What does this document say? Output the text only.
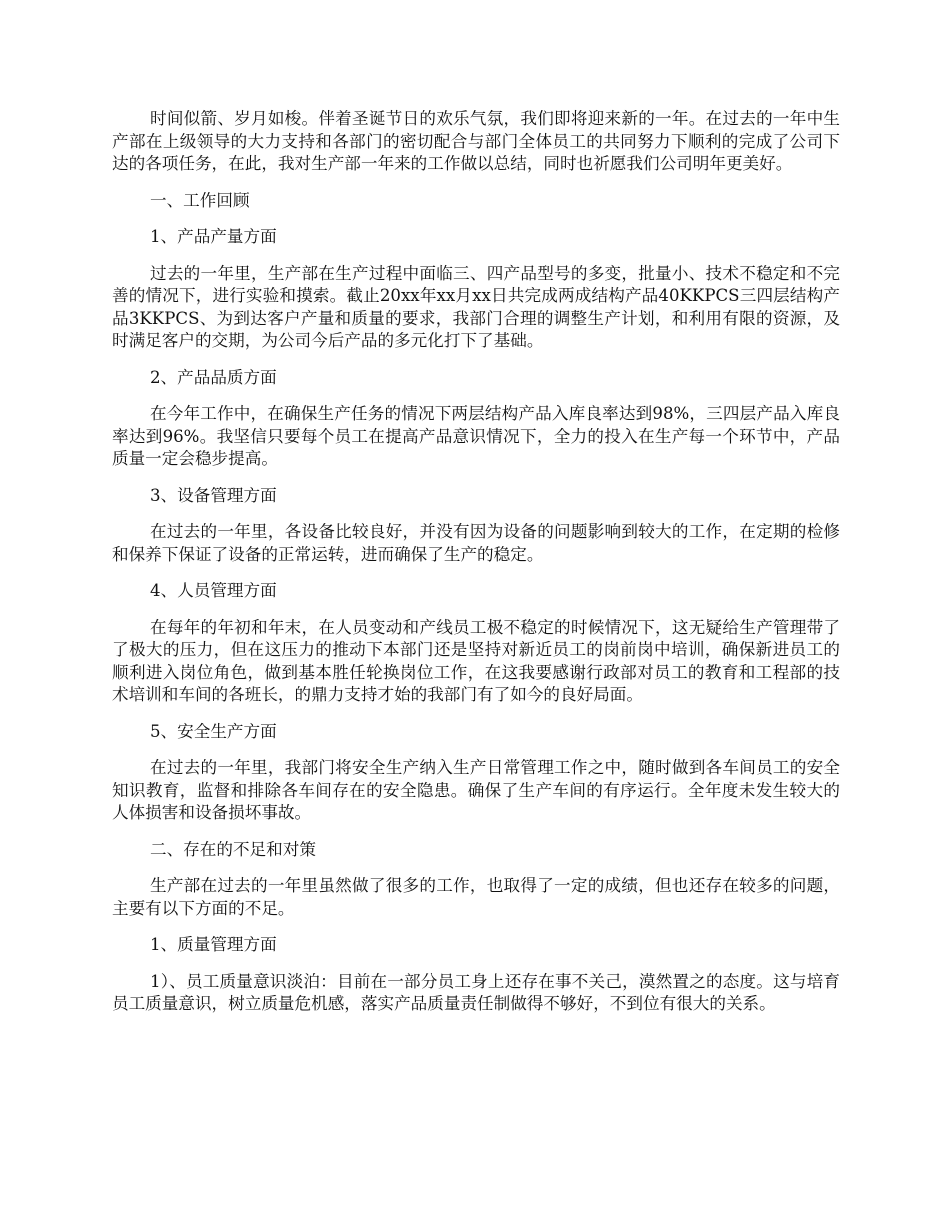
时间似箭、岁月如梭。伴着圣诞节日的欢乐气氛，我们即将迎来新的一年。在过去的一年中生产部在上级领导的大力支持和各部门的密切配合与部门全体员工的共同努力下顺利的完成了公司下达的各项任务，在此，我对生产部一年来的工作做以总结，同时也祈愿我们公司明年更美好。

一、工作回顾

1、产品产量方面

过去的一年里，生产部在生产过程中面临三、四产品型号的多变，批量小、技术不稳定和不完善的情况下，进行实验和摸索。截止20xx年xx月xx日共完成两成结构产品40KKPCS三四层结构产品3KKPCS、为到达客户产量和质量的要求，我部门合理的调整生产计划，和利用有限的资源，及时满足客户的交期，为公司今后产品的多元化打下了基础。

2、产品品质方面

在今年工作中，在确保生产任务的情况下两层结构产品入库良率达到98%，三四层产品入库良率达到96%。我坚信只要每个员工在提高产品意识情况下，全力的投入在生产每一个环节中，产品质量一定会稳步提高。

3、设备管理方面

在过去的一年里，各设备比较良好，并没有因为设备的问题影响到较大的工作，在定期的检修和保养下保证了设备的正常运转，进而确保了生产的稳定。

4、人员管理方面

在每年的年初和年末，在人员变动和产线员工极不稳定的时候情况下，这无疑给生产管理带了了极大的压力，但在这压力的推动下本部门还是坚持对新近员工的岗前岗中培训，确保新进员工的顺利进入岗位角色，做到基本胜任轮换岗位工作，在这我要感谢行政部对员工的教育和工程部的技术培训和车间的各班长，的鼎力支持才始的我部门有了如今的良好局面。

5、安全生产方面

在过去的一年里，我部门将安全生产纳入生产日常管理工作之中，随时做到各车间员工的安全知识教育，监督和排除各车间存在的安全隐患。确保了生产车间的有序运行。全年度未发生较大的人体损害和设备损坏事故。

二、存在的不足和对策

生产部在过去的一年里虽然做了很多的工作，也取得了一定的成绩，但也还存在较多的问题，主要有以下方面的不足。

1、质量管理方面

1）、员工质量意识淡泊：目前在一部分员工身上还存在事不关己，漠然置之的态度。这与培育员工质量意识，树立质量危机感，落实产品质量责任制做得不够好，不到位有很大的关系。
